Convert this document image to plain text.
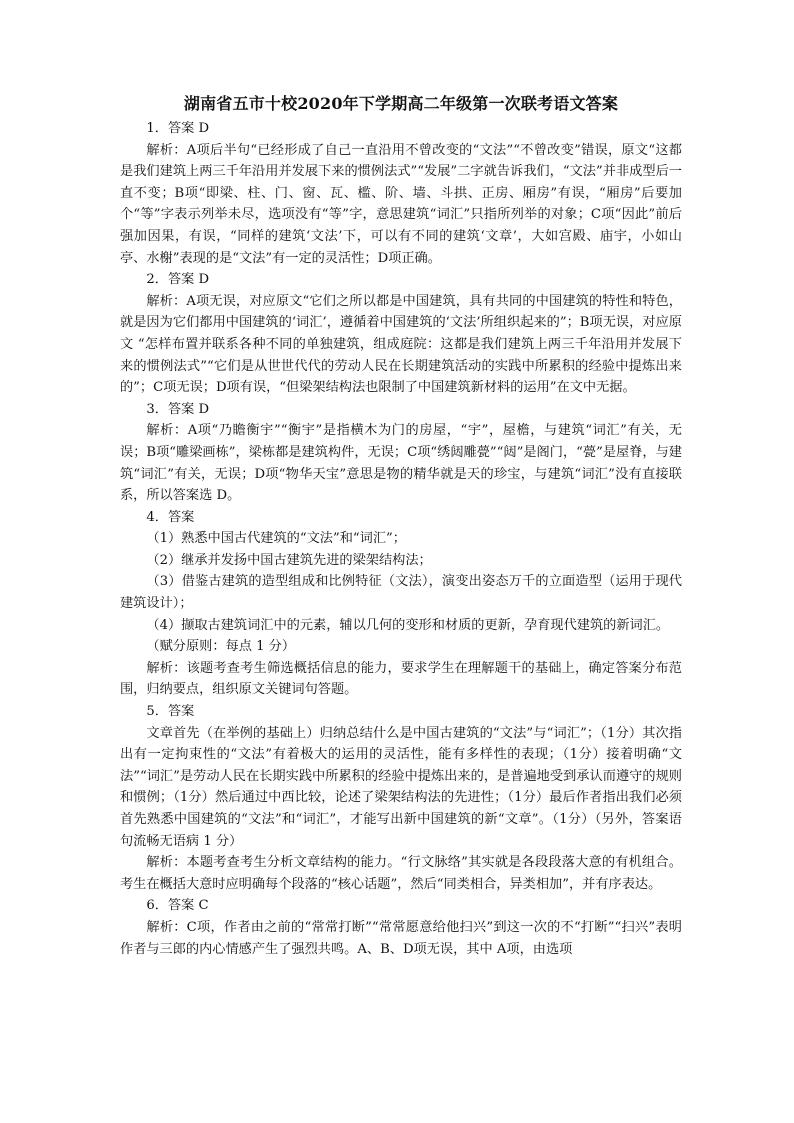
湖南省五市十校2020年下学期高二年级第一次联考语文答案

1．答案 D

解析：A项后半句“已经形成了自己一直沿用不曾改变的“文法”“不曾改变”错误，原文“这都是我们建筑上两三千年沿用并发展下来的惯例法式”“发展”二字就告诉我们，“文法”并非成型后一直不变；B项“即梁、柱、门、窗、瓦、槛、阶、墙、斗拱、正房、厢房”有误，“厢房”后要加个“等”字表示列举未尽，选项没有“等”字，意思建筑“词汇”只指所列举的对象；C项“因此”前后强加因果，有误，“同样的建筑‘文法’下，可以有不同的建筑‘文章’，大如宫殿、庙宇，小如山亭、水榭”表现的是“文法”有一定的灵活性；D项正确。

2．答案 D

解析：A项无误，对应原文“它们之所以都是中国建筑，具有共同的中国建筑的特性和特色，就是因为它们都用中国建筑的‘词汇’，遵循着中国建筑的‘文法’所组织起来的”；B项无误，对应原文 “怎样布置并联系各种不同的单独建筑，组成庭院：这都是我们建筑上两三千年沿用并发展下来的惯例法式”“它们是从世世代代的劳动人民在长期建筑活动的实践中所累积的经验中提炼出来的”；C项无误；D项有误，“但梁架结构法也限制了中国建筑新材料的运用”在文中无据。

3．答案 D

解析：A项“乃瞻衡宇”“衡宇”是指横木为门的房屋，“宇”，屋檐，与建筑“词汇”有关，无误；B项“雕梁画栋”，梁栋都是建筑构件，无误；C项“绣闼雕甍”“闼”是阁门，“甍”是屋脊，与建筑“词汇”有关，无误；D项“物华天宝”意思是物的精华就是天的珍宝，与建筑“词汇”没有直接联系，所以答案选 D。

4．答案

（1）熟悉中国古代建筑的“文法”和“词汇”；

（2）继承并发扬中国古建筑先进的梁架结构法；

（3）借鉴古建筑的造型组成和比例特征（文法），演变出姿态万千的立面造型（运用于现代建筑设计）；

（4）撷取古建筑词汇中的元素，辅以几何的变形和材质的更新，孕育现代建筑的新词汇。

（赋分原则：每点 1 分）

解析：该题考查考生筛选概括信息的能力，要求学生在理解题干的基础上，确定答案分布范围，归纳要点，组织原文关键词句答题。

5．答案

文章首先（在举例的基础上）归纳总结什么是中国古建筑的“文法”与“词汇”；（1分）其次指出有一定拘束性的“文法”有着极大的运用的灵活性，能有多样性的表现；（1分）接着明确“文法”“词汇”是劳动人民在长期实践中所累积的经验中提炼出来的，是普遍地受到承认而遵守的规则和惯例；（1分）然后通过中西比较，论述了梁架结构法的先进性；（1分）最后作者指出我们必须首先熟悉中国建筑的“文法”和“词汇”，才能写出新中国建筑的新“文章”。（1分）（另外，答案语句流畅无语病 1 分）

解析：本题考查考生分析文章结构的能力。“行文脉络”其实就是各段段落大意的有机组合。考生在概括大意时应明确每个段落的“核心话题”，然后“同类相合，异类相加”，并有序表达。

6．答案 C

解析：C项，作者由之前的“常常打断”“常常愿意给他扫兴”到这一次的不“打断”“扫兴”表明作者与三郎的内心情感产生了强烈共鸣。A、B、D项无误，其中 A项，由选项
